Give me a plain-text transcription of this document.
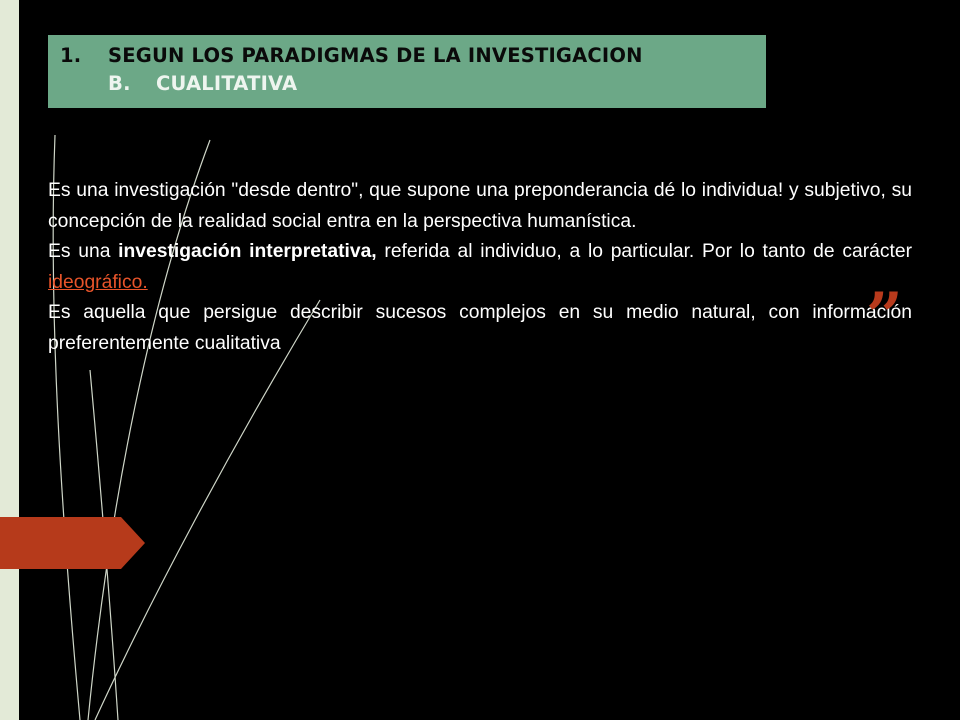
1. SEGUN LOS PARADIGMAS DE LA INVESTIGACION
B. CUALITATIVA

Es una investigación "desde dentro", que supone una preponderancia dé lo individua! y subjetivo, su concepción de la realidad social entra en la perspectiva humanística.

Es una investigación interpretativa, referida al individuo, a lo particular. Por lo tanto de carácter ideográfico.

Es aquella que persigue describir sucesos complejos en su medio natural, con información preferentemente cualitativa	”
